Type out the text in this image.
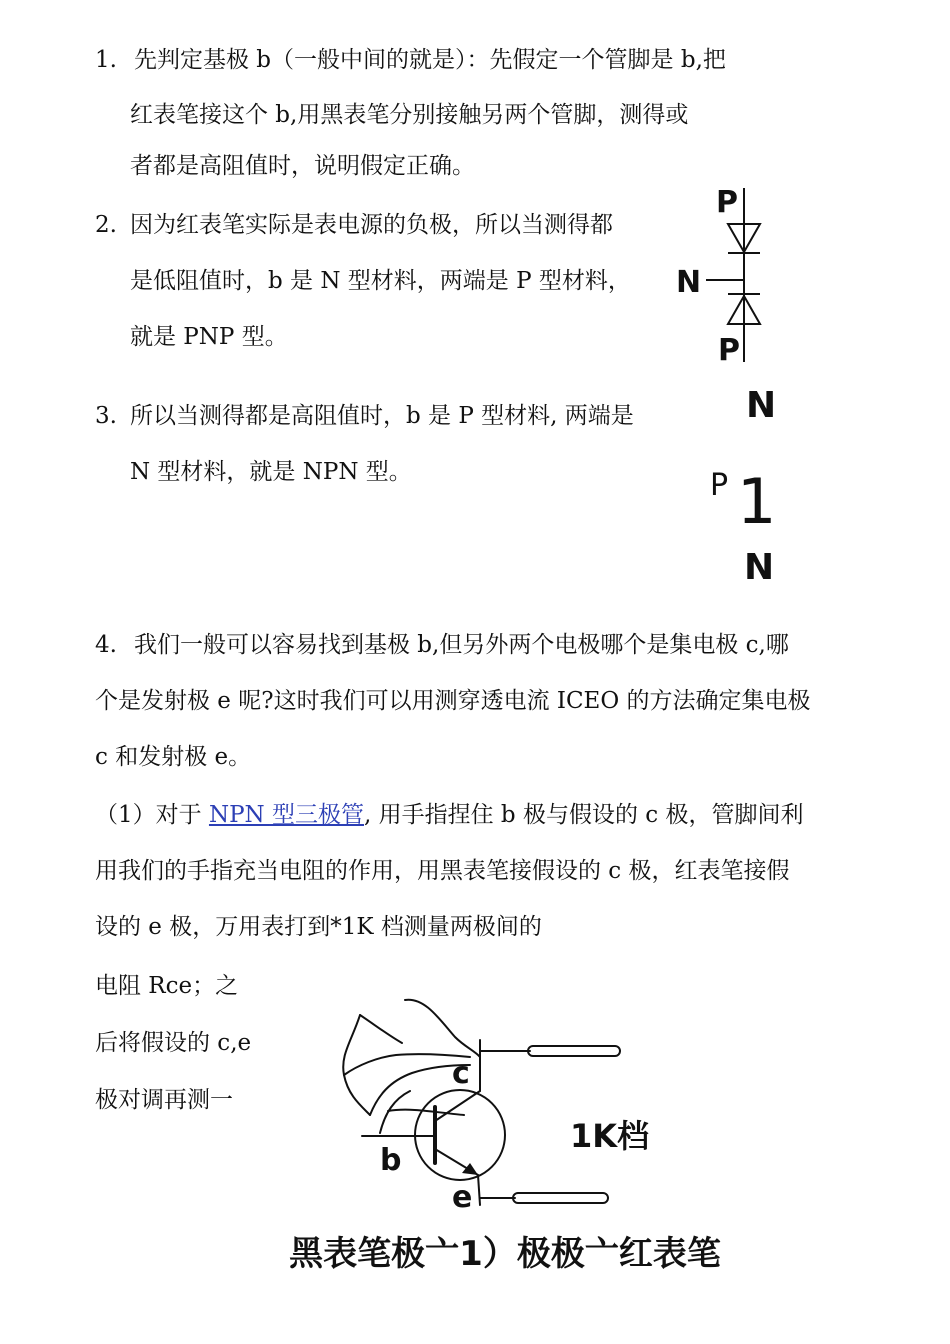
1. 先判定基极 b（一般中间的就是）：先假定一个管脚是 b,把
红表笔接这个 b,用黑表笔分别接触另两个管脚，测得或
者都是高阻值时，说明假定正确。
2. 因为红表笔实际是表电源的负极，所以当测得都
是低阻值时，b 是 N 型材料，两端是 P 型材料，
就是 PNP 型。
3. 所以当测得都是高阻值时，b 是 P 型材料, 两端是
N 型材料，就是 NPN 型。
P
N
P
N
P 1
N
4. 我们一般可以容易找到基极 b,但另外两个电极哪个是集电极 c,哪
个是发射极 e 呢?这时我们可以用测穿透电流 ICEO 的方法确定集电极
c 和发射极 e。
（1）对于 NPN 型三极管, 用手指捏住 b 极与假设的 c 极，管脚间利
用我们的手指充当电阻的作用，用黑表笔接假设的 c 极，红表笔接假
设的 e 极，万用表打到*1K 档测量两极间的
电阻 Rce；之
后将假设的 c,e
极对调再测一
c
b
e
1K档
黑表笔极亠1）极极亠红表笔
